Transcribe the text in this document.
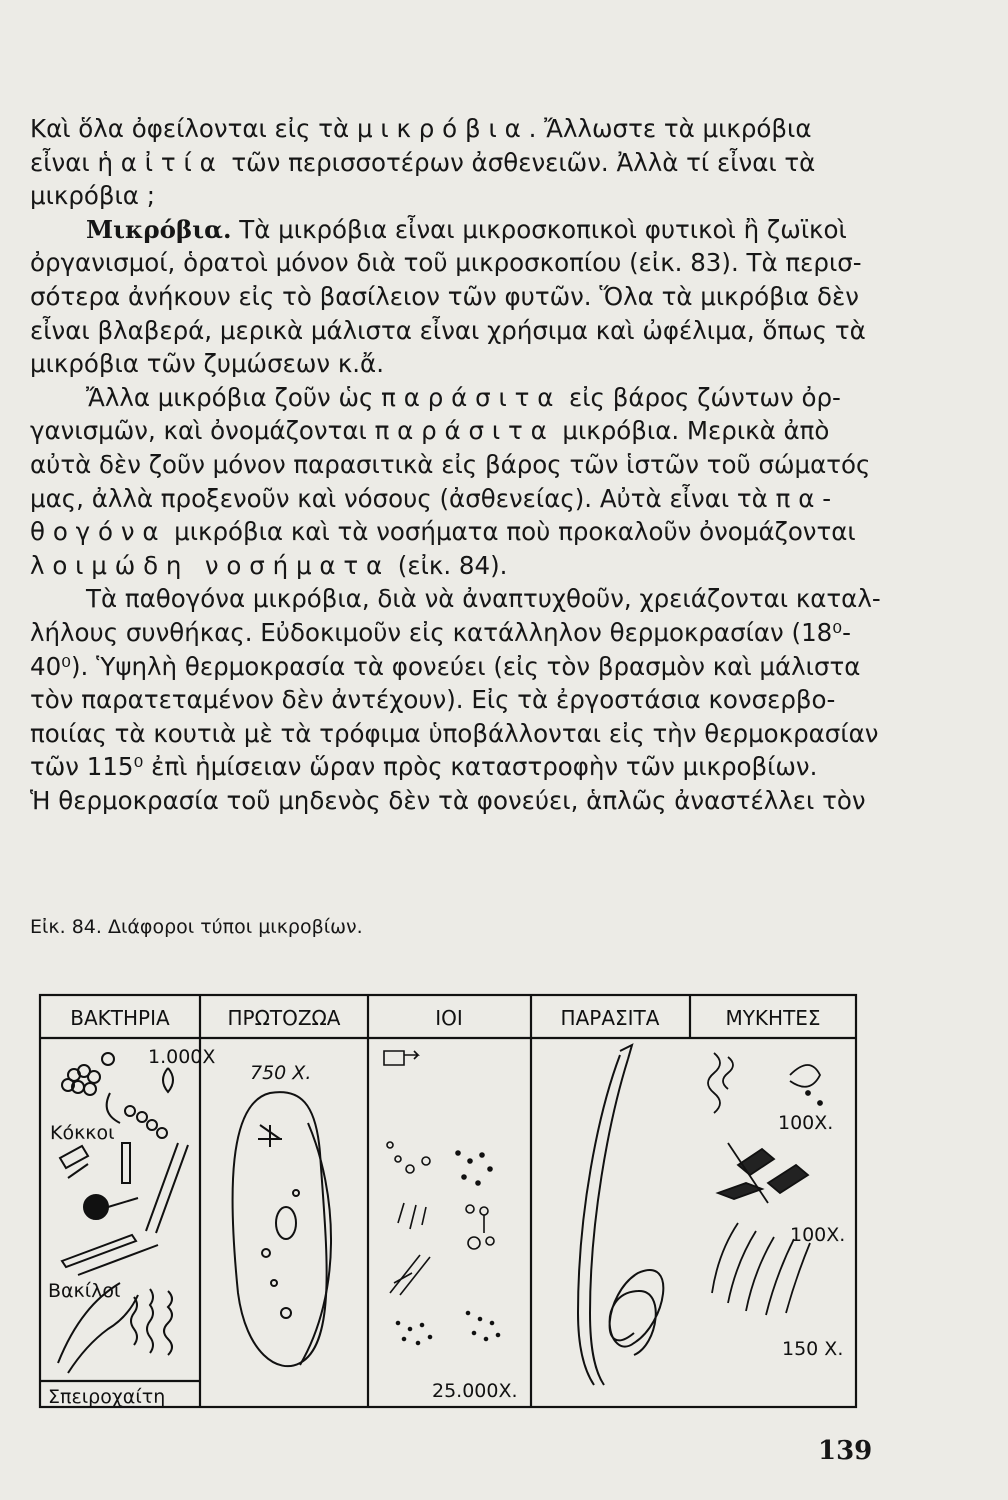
Καὶ ὅλα ὀφείλονται εἰς τὰ μικρόβια. Ἄλλωστε τὰ μικρόβια
εἶναι ἡ αἰτία τῶν περισσοτέρων ἀσθενειῶν. Ἀλλὰ τί εἶναι τὰ
μικρόβια ;
Μικρόβια. Τὰ μικρόβια εἶναι μικροσκοπικοὶ φυτικοὶ ἢ ζωϊκοὶ
ὀργανισμοί, ὁρατοὶ μόνον διὰ τοῦ μικροσκοπίου (εἰκ. 83). Τὰ περισ-
σότερα ἀνήκουν εἰς τὸ βασίλειον τῶν φυτῶν. Ὅλα τὰ μικρόβια δὲν
εἶναι βλαβερά, μερικὰ μάλιστα εἶναι χρήσιμα καὶ ὠφέλιμα, ὅπως τὰ
μικρόβια τῶν ζυμώσεων κ.ἄ.
Ἄλλα μικρόβια ζοῦν ὡς παράσιτα εἰς βάρος ζώντων ὀρ-
γανισμῶν, καὶ ὀνομάζονται παράσιτα μικρόβια. Μερικὰ ἀπὸ
αὐτὰ δὲν ζοῦν μόνον παρασιτικὰ εἰς βάρος τῶν ἱστῶν τοῦ σώματός
μας, ἀλλὰ προξενοῦν καὶ νόσους (ἀσθενείας). Αὐτὰ εἶναι τὰ πα-
θογόνα μικρόβια καὶ τὰ νοσήματα ποὺ προκαλοῦν ὀνομάζονται
λοιμώδη νοσήματα (εἰκ. 84).
Τὰ παθογόνα μικρόβια, διὰ νὰ ἀναπτυχθοῦν, χρειάζονται καταλ-
λήλους συνθήκας. Εὐδοκιμοῦν εἰς κατάλληλον θερμοκρασίαν (18⁰-
40⁰). Ὑψηλὴ θερμοκρασία τὰ φονεύει (εἰς τὸν βρασμὸν καὶ μάλιστα
τὸν παρατεταμένον δὲν ἀντέχουν). Εἰς τὰ ἐργοστάσια κονσερβο-
ποιίας τὰ κουτιὰ μὲ τὰ τρόφιμα ὑποβάλλονται εἰς τὴν θερμοκρασίαν
τῶν 115⁰ ἐπὶ ἡμίσειαν ὥραν πρὸς καταστροφὴν τῶν μικροβίων.
Ἡ θερμοκρασία τοῦ μηδενὸς δὲν τὰ φονεύει, ἁπλῶς ἀναστέλλει τὸν
Εἰκ. 84. Διάφοροι τύποι μικροβίων.
ΒΑΚΤΗΡΙΑ	ΠΡΩΤΟΖΩΑ	ΙΟΙ	ΠΑΡΑΣΙΤΑ	ΜΥΚΗΤΕΣ
1.000Χ
Κόκκοι
Βακίλοι
Σπειροχαίτη
750 Χ.
25.000Χ.
100Χ.
100Χ.
150 Χ.
139
